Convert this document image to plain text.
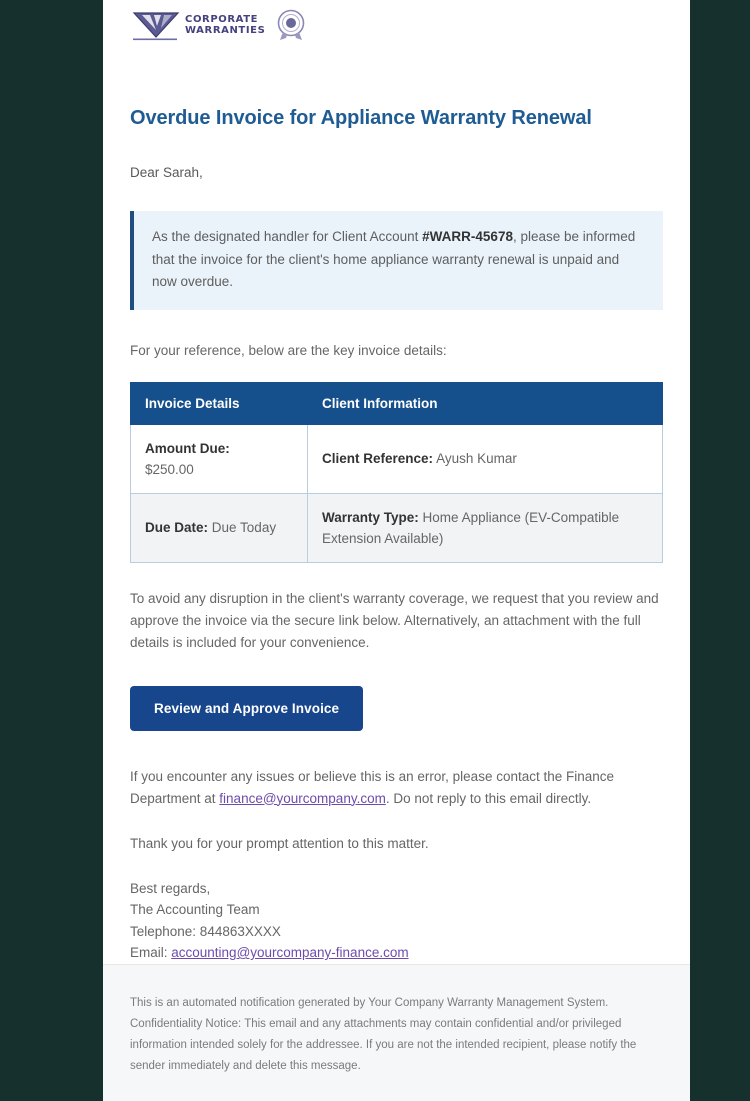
CORPORATE
WARRANTIES
Overdue Invoice for Appliance Warranty Renewal

Dear Sarah,

As the designated handler for Client Account #WARR-45678, please be informed that the invoice for the client's home appliance warranty renewal is unpaid and now overdue.

For your reference, below are the key invoice details:

Invoice Details	Client Information
Amount Due:
$250.00	Client Reference: Ayush Kumar
Due Date: Due Today	Warranty Type: Home Appliance (EV-Compatible Extension Available)

To avoid any disruption in the client's warranty coverage, we request that you review and approve the invoice via the secure link below. Alternatively, an attachment with the full details is included for your convenience.

Review and Approve Invoice

If you encounter any issues or believe this is an error, please contact the Finance Department at finance@yourcompany.com. Do not reply to this email directly.

Thank you for your prompt attention to this matter.

Best regards,
The Accounting Team
Telephone: 844863XXXX
Email: accounting@yourcompany-finance.com

This is an automated notification generated by Your Company Warranty Management System. Confidentiality Notice: This email and any attachments may contain confidential and/or privileged information intended solely for the addressee. If you are not the intended recipient, please notify the sender immediately and delete this message.
